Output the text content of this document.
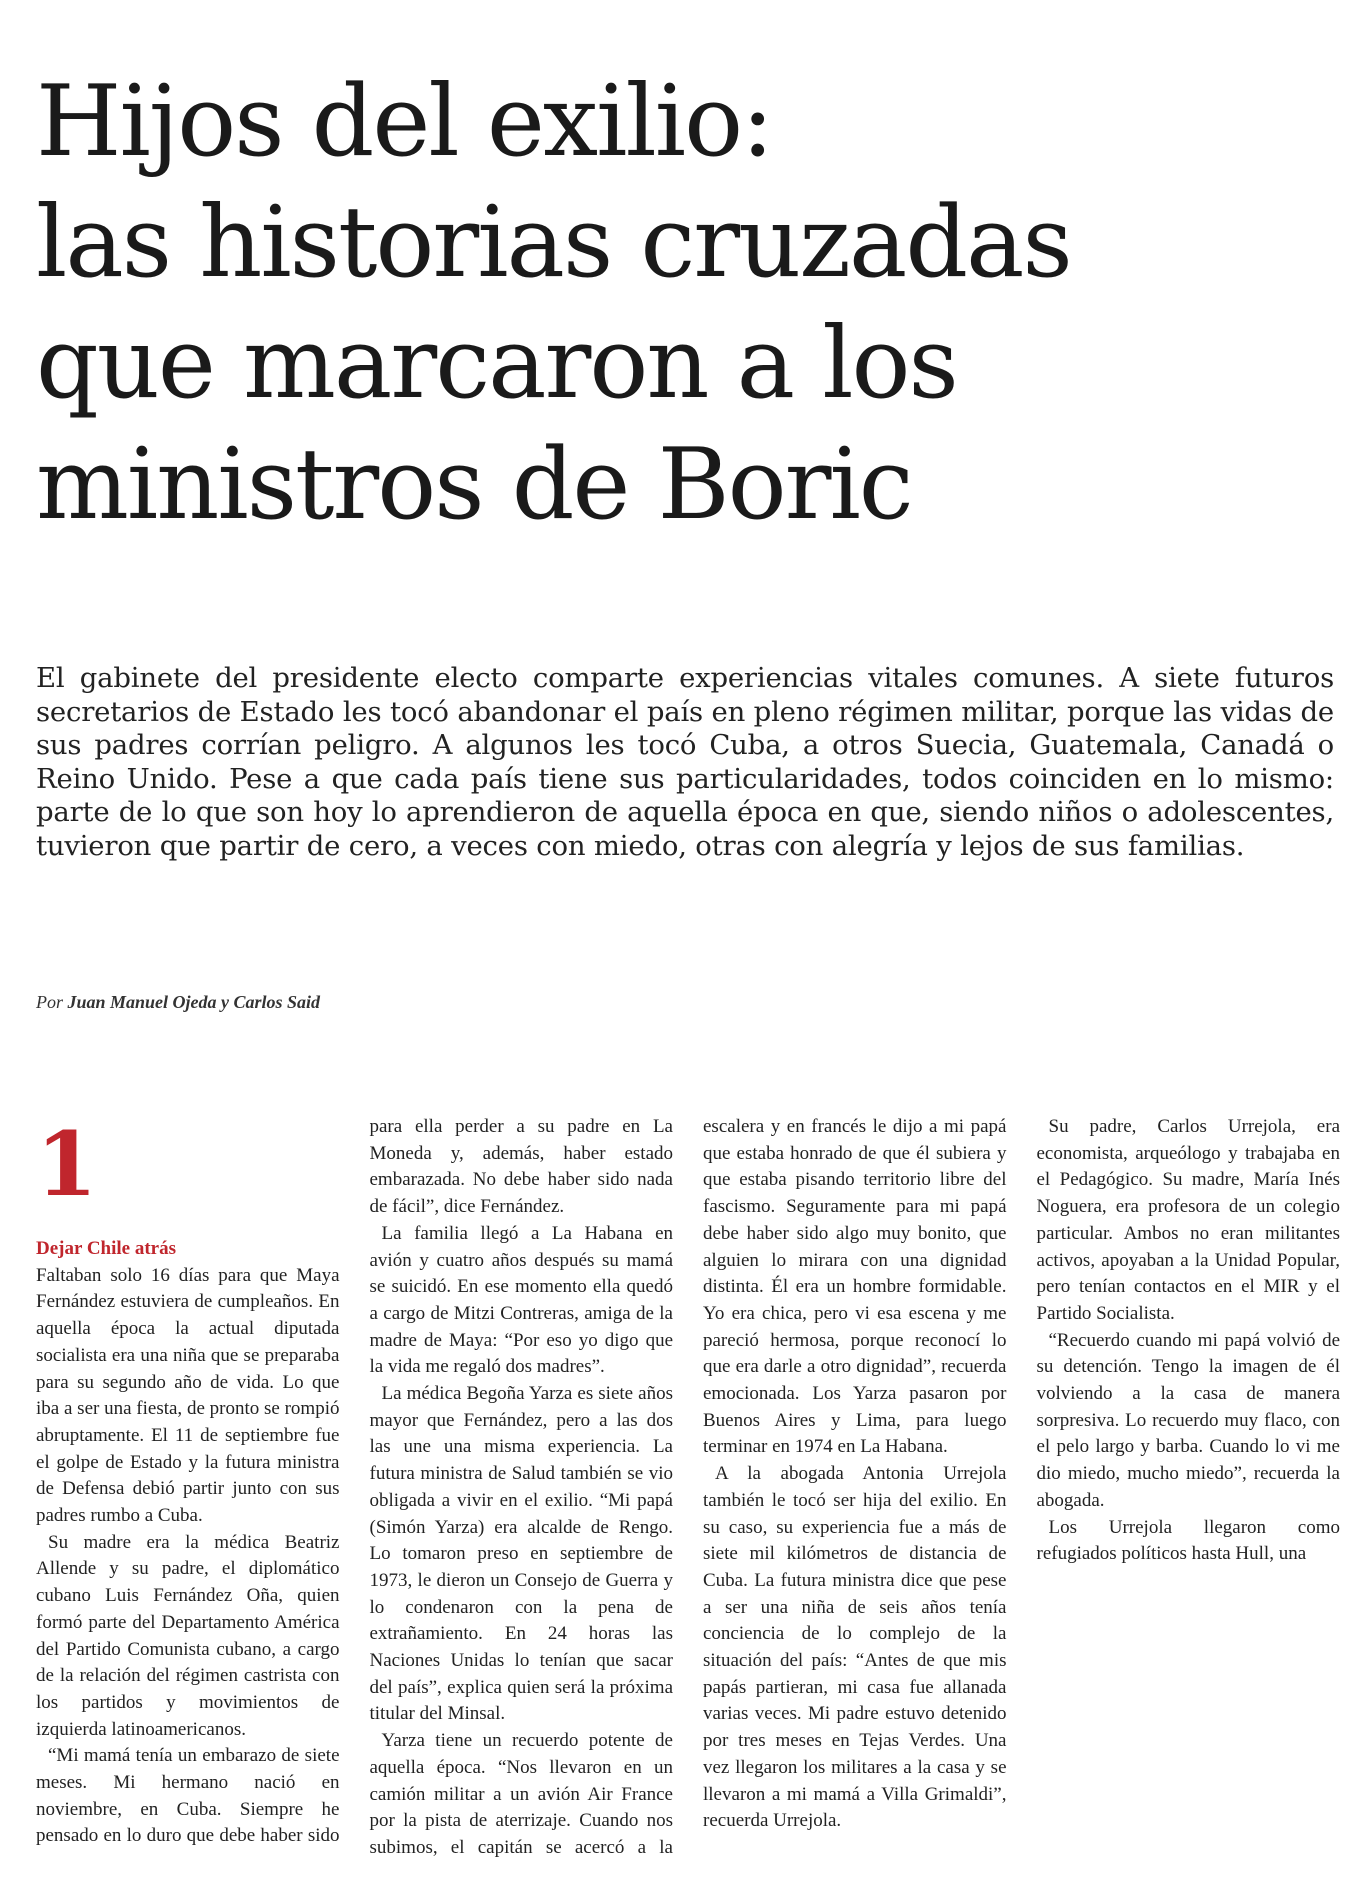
Hijos del exilio:
las historias cruzadas
que marcaron a los
ministros de Boric

El gabinete del presidente electo comparte experiencias vitales comunes. A siete futuros secretarios de Estado les tocó abandonar el país en pleno régimen militar, porque las vidas de sus padres corrían peligro. A algunos les tocó Cuba, a otros Suecia, Guatemala, Canadá o Reino Unido. Pese a que cada país tiene sus particularidades, todos coinciden en lo mismo: parte de lo que son hoy lo aprendieron de aquella época en que, siendo niños o adolescentes, tuvieron que partir de cero, a veces con miedo, otras con alegría y lejos de sus familias.

Por Juan Manuel Ojeda y Carlos Said

1
Dejar Chile atrás

Faltaban solo 16 días para que Maya Fernández estuviera de cumpleaños. En aquella época la actual diputada socialista era una niña que se preparaba para su segundo año de vida. Lo que iba a ser una fiesta, de pronto se rompió abruptamente. El 11 de septiembre fue el golpe de Estado y la futura ministra de Defensa debió partir junto con sus padres rumbo a Cuba.

Su madre era la médica Beatriz Allende y su padre, el diplomático cubano Luis Fernández Oña, quien formó parte del Departamento América del Partido Comunista cubano, a cargo de la relación del régimen castrista con los partidos y movimientos de izquierda latinoamericanos.

“Mi mamá tenía un embarazo de siete meses. Mi hermano nació en noviembre, en Cuba. Siempre he pensado en lo duro que debe haber sido para ella perder a su padre en La Moneda y, además, haber estado embarazada. No debe haber sido nada de fácil”, dice Fernández.

La familia llegó a La Habana en avión y cuatro años después su mamá se suicidó. En ese momento ella quedó a cargo de Mitzi Contreras, amiga de la madre de Maya: “Por eso yo digo que la vida me regaló dos madres”.

La médica Begoña Yarza es siete años mayor que Fernández, pero a las dos las une una misma experiencia. La futura ministra de Salud también se vio obligada a vivir en el exilio. “Mi papá (Simón Yarza) era alcalde de Rengo. Lo tomaron preso en septiembre de 1973, le dieron un Consejo de Guerra y lo condenaron con la pena de extrañamiento. En 24 horas las Naciones Unidas lo tenían que sacar del país”, explica quien será la próxima titular del Minsal.

Yarza tiene un recuerdo potente de aquella época. “Nos llevaron en un camión militar a un avión Air France por la pista de aterrizaje. Cuando nos subimos, el capitán se acercó a la escalera y en francés le dijo a mi papá que estaba honrado de que él subiera y que estaba pisando territorio libre del fascismo. Seguramente para mi papá debe haber sido algo muy bonito, que alguien lo mirara con una dignidad distinta. Él era un hombre formidable. Yo era chica, pero vi esa escena y me pareció hermosa, porque reconocí lo que era darle a otro dignidad”, recuerda emocionada. Los Yarza pasaron por Buenos Aires y Lima, para luego terminar en 1974 en La Habana.

A la abogada Antonia Urrejola también le tocó ser hija del exilio. En su caso, su experiencia fue a más de siete mil kilómetros de distancia de Cuba. La futura ministra dice que pese a ser una niña de seis años tenía conciencia de lo complejo de la situación del país: “Antes de que mis papás partieran, mi casa fue allanada varias veces. Mi padre estuvo detenido por tres meses en Tejas Verdes. Una vez llegaron los militares a la casa y se llevaron a mi mamá a Villa Grimaldi”, recuerda Urrejola.

Su padre, Carlos Urrejola, era economista, arqueólogo y trabajaba en el Pedagógico. Su madre, María Inés Noguera, era profesora de un colegio particular. Ambos no eran militantes activos, apoyaban a la Unidad Popular, pero tenían contactos en el MIR y el Partido Socialista.

“Recuerdo cuando mi papá volvió de su detención. Tengo la imagen de él volviendo a la casa de manera sorpresiva. Lo recuerdo muy flaco, con el pelo largo y barba. Cuando lo vi me dio miedo, mucho miedo”, recuerda la abogada.

Los Urrejola llegaron como refugiados políticos hasta Hull, una
